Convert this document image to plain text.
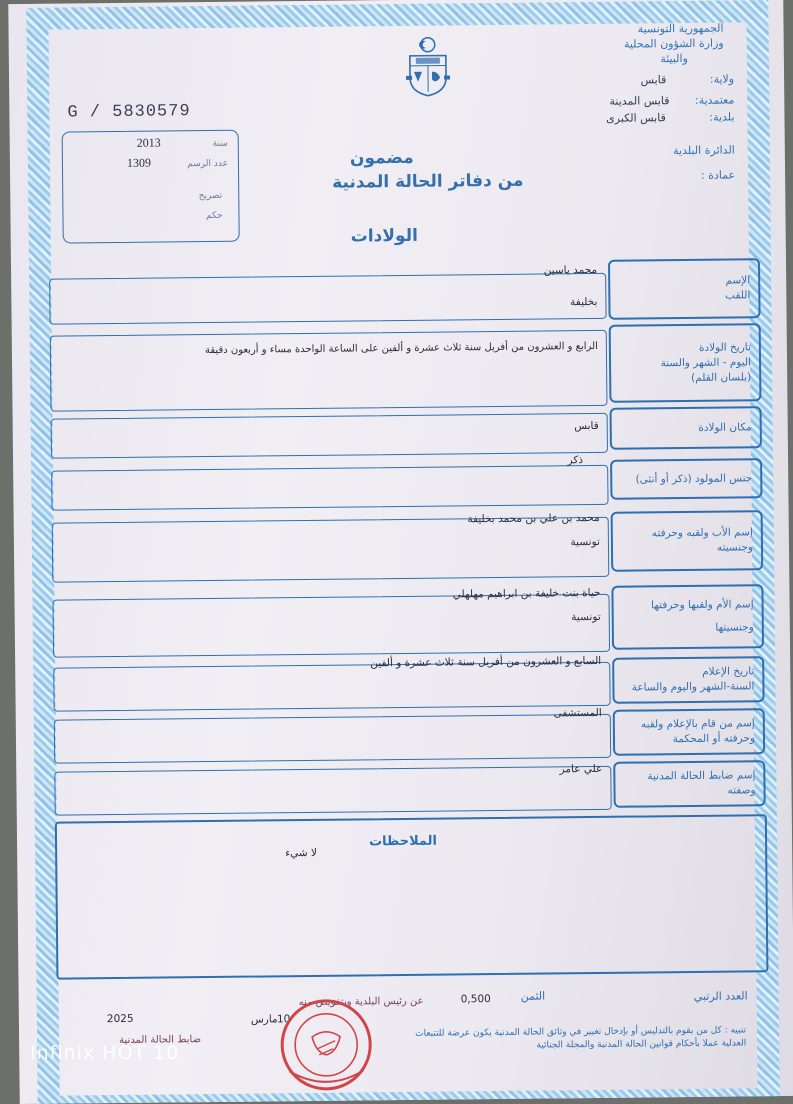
الجمهورية التونسية
وزارة الشؤون المحلية
والبيئة
ولاية: قابس
معتمدية: قابس المدينة
بلدية: قابس الكبرى
الدائرة البلدية
عمادة :
G / 5830579
2013	سنة
1309	عدد الرسم
تصريح
حكم
مضمون
من دفاتر الحالة المدنية
الولادات
الإسم
اللقب
محمد ياسين
بخليفة
تاريخ الولادة
اليوم - الشهر والسنة
(بلسان القلم)
الرابع و العشرون من أفريل سنة ثلاث عشرة و ألفين على الساعة الواحدة مساء و أربعون دقيقة
مكان الولادة
قابس
جنس المولود (ذكر أو أنثى)
ذكر
إسم الأب ولقبه وحرفته
وجنسيته
محمد بن علي بن محمد بخليفة
تونسية
إسم الأم ولقبها وحرفتها
وجنسيتها
حياة بنت خليفة بن ابراهيم مهلهلي
تونسية
تاريخ الإعلام
السنة-الشهر واليوم والساعة
السابع و العشرون من أفريل سنة ثلاث عشرة و ألفين
إسم من قام بالإعلام ولقبه
وحرفته أو المحكمة
المستشفى
إسم ضابط الحالة المدنية
وصفته
علي عامر
الملاحظات
لا شيء
العدد الرتبي
الثمن
0,500
عن رئيس البلدية وبتفويض منه
10
مارس
2025
ضابط الحالة المدنية
تنبيه : كل من يقوم بالتدليس أو بإدخال تغيير في وثائق الحالة المدنية يكون عرضة للتتبعات العدلية عملا بأحكام قوانين الحالة المدنية والمجلة الجنائية
Infinix HOT 10
